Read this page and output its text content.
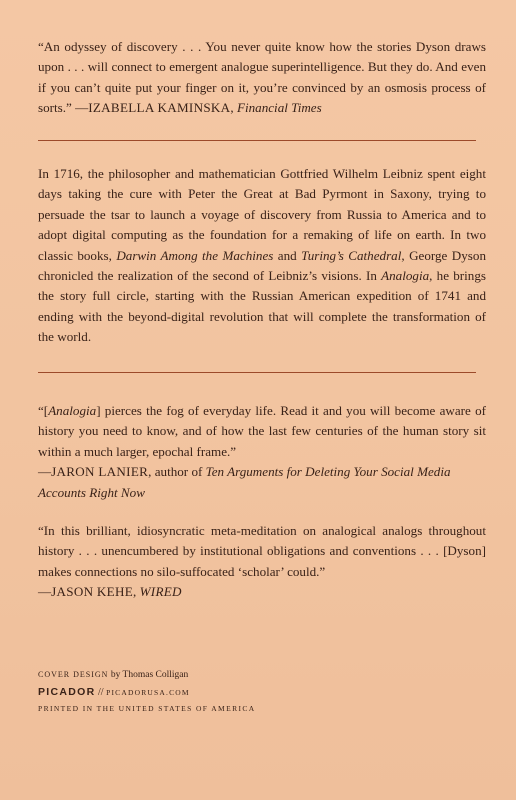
“An odyssey of discovery . . . You never quite know how the stories Dyson draws upon . . . will connect to emergent analogue superintelligence. But they do. And even if you can’t quite put your finger on it, you’re convinced by an osmosis process of sorts.” —IZABELLA KAMINSKA, Financial Times

In 1716, the philosopher and mathematician Gottfried Wilhelm Leibniz spent eight days taking the cure with Peter the Great at Bad Pyrmont in Saxony, trying to persuade the tsar to launch a voyage of discovery from Russia to America and to adopt digital computing as the foundation for a remaking of life on earth. In two classic books, Darwin Among the Machines and Turing’s Cathedral, George Dyson chronicled the realization of the second of Leibniz’s visions. In Analogia, he brings the story full circle, starting with the Russian American expedition of 1741 and ending with the beyond-digital revolution that will complete the transformation of the world.

“[Analogia] pierces the fog of everyday life. Read it and you will become aware of history you need to know, and of how the last few centuries of the human story sit within a much larger, epochal frame.”

—JARON LANIER, author of Ten Arguments for Deleting Your Social Media Accounts Right Now

“In this brilliant, idiosyncratic meta-meditation on analogical analogs throughout history . . . unencumbered by institutional obligations and conventions . . . [Dyson] makes connections no silo-suffocated ‘scholar’ could.”

—JASON KEHE, WIRED

COVER DESIGN by Thomas Colligan
PICADOR // PICADORUSA.COM
PRINTED IN THE UNITED STATES OF AMERICA
